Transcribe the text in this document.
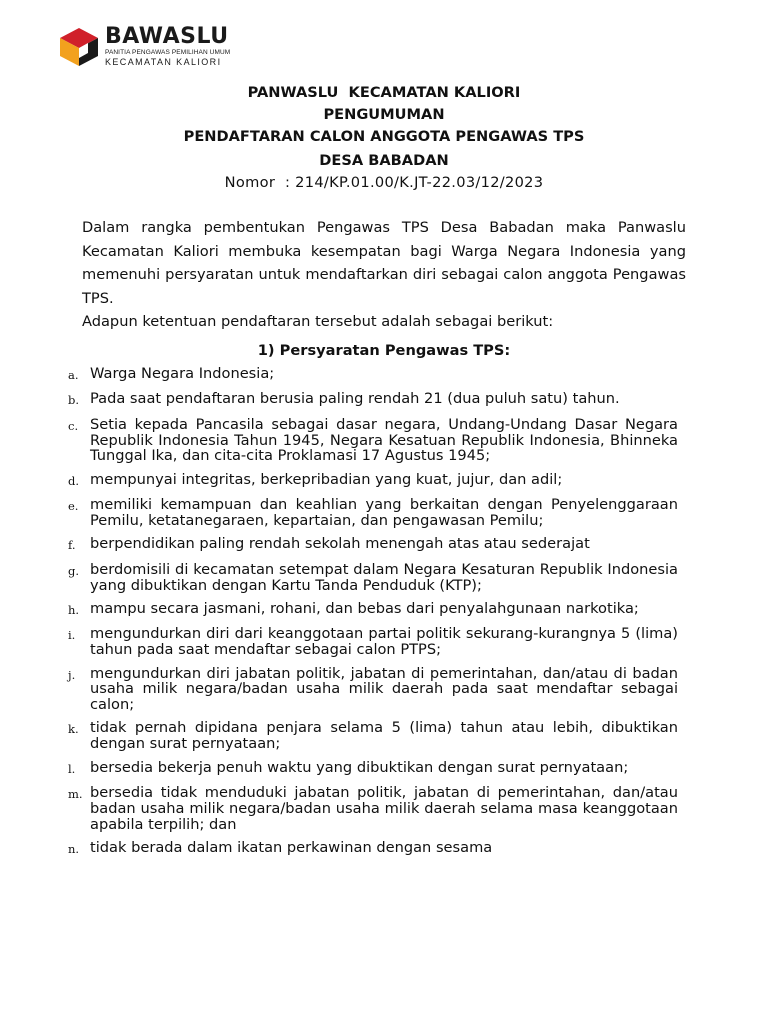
BAWASLU
PANITIA PENGAWAS PEMILIHAN UMUM
KECAMATAN KALIORI
PANWASLU  KECAMATAN KALIORI
PENGUMUMAN
PENDAFTARAN CALON ANGGOTA PENGAWAS TPS
DESA BABADAN
Nomor  : 214/KP.01.00/K.JT-22.03/12/2023

Dalam rangka pembentukan Pengawas TPS Desa Babadan maka Panwaslu Kecamatan Kaliori membuka kesempatan bagi Warga Negara Indonesia yang memenuhi persyaratan untuk mendaftarkan diri sebagai calon anggota Pengawas TPS.

Adapun ketentuan pendaftaran tersebut adalah sebagai berikut:

1) Persyaratan Pengawas TPS:
a. Warga Negara Indonesia;
b. Pada saat pendaftaran berusia paling rendah 21 (dua puluh satu) tahun.
c. Setia kepada Pancasila sebagai dasar negara, Undang-Undang Dasar Negara Republik Indonesia Tahun 1945, Negara Kesatuan Republik Indonesia, Bhinneka Tunggal Ika, dan cita-cita Proklamasi 17 Agustus 1945;
d. mempunyai integritas, berkepribadian yang kuat, jujur, dan adil;
e. memiliki kemampuan dan keahlian yang berkaitan dengan Penyelenggaraan Pemilu, ketatanegaraen, kepartaian, dan pengawasan Pemilu;
f. berpendidikan paling rendah sekolah menengah atas atau sederajat
g. berdomisili di kecamatan setempat dalam Negara Kesaturan Republik Indonesia yang dibuktikan dengan Kartu Tanda Penduduk (KTP);
h. mampu secara jasmani, rohani, dan bebas dari penyalahgunaan narkotika;
i.	mengundurkan diri dari keanggotaan partai politik sekurang-kurangnya 5 (lima) tahun pada saat mendaftar sebagai calon PTPS;
j.	mengundurkan diri jabatan politik, jabatan di pemerintahan, dan/atau di badan usaha milik negara/badan usaha milik daerah pada saat mendaftar sebagai calon;
k. tidak pernah dipidana penjara selama 5 (lima) tahun atau lebih, dibuktikan dengan surat pernyataan;
l.	bersedia bekerja penuh waktu yang dibuktikan dengan surat pernyataan;
m. bersedia tidak menduduki jabatan politik, jabatan di pemerintahan, dan/atau badan usaha milik negara/badan usaha milik daerah selama masa keanggotaan apabila terpilih; dan
n. tidak berada dalam ikatan perkawinan dengan sesama
